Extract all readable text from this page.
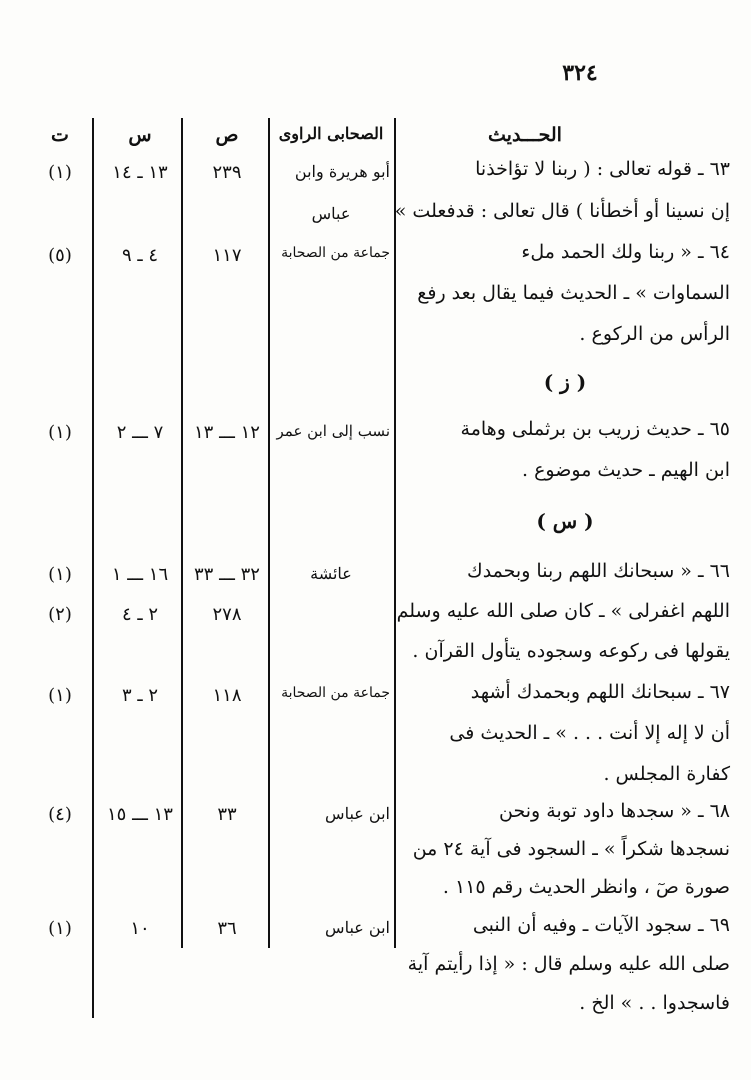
٣٢٤
الحـــديث
الصحابى الراوى
ص
س
ت
٦٣ ـ قوله تعالى : ( ربنا لا تؤاخذنا
إن نسينا أو أخطأنا ) قال تعالى : قدفعلت »
٦٤ ـ « ربنا ولك الحمد ملء
السماوات » ـ الحديث فيما يقال بعد رفع
الرأس من الركوع .
( ز )
٦٥ ـ حديث زريب بن برثملى وهامة
ابن الهيم ـ حديث موضوع .
( س )
٦٦ ـ « سبحانك اللهم ربنا وبحمدك
اللهم اغفرلى » ـ كان صلى الله عليه وسلم
يقولها فى ركوعه وسجوده يتأول القرآن .
٦٧ ـ سبحانك اللهم وبحمدك أشهد
أن لا إله إلا أنت . . . » ـ الحديث فى
كفارة المجلس .
٦٨ ـ « سجدها داود توبة ونحن
نسجدها شكراً » ـ السجود فى آية ٢٤ من
صورة صٓ ، وانظر الحديث رقم ١١٥ .
٦٩ ـ سجود الآيات ـ وفيه أن النبى
صلى الله عليه وسلم قال : « إذا رأيتم آية
فاسجدوا . . » الخ .
أبو هريرة وابن
عباس
جماعة من الصحابة
نسب إلى ابن عمر
عائشة
جماعة من الصحابة
ابن عباس
ابن عباس
٢٣٩
١١٧
١٢ ـــ ١٣
٣٢ ـــ ٣٣
٢٧٨
١١٨
٣٣
٣٦
١٣ ـ ١٤
٤ ـ ٩
٧ ـــ ٢
١٦ ـــ ١
٢ ـ ٤
٢ ـ ٣
١٣ ـــ ١٥
١٠
(١)
(٥)
(١)
(١)
(٢)
(١)
(٤)
(١)
